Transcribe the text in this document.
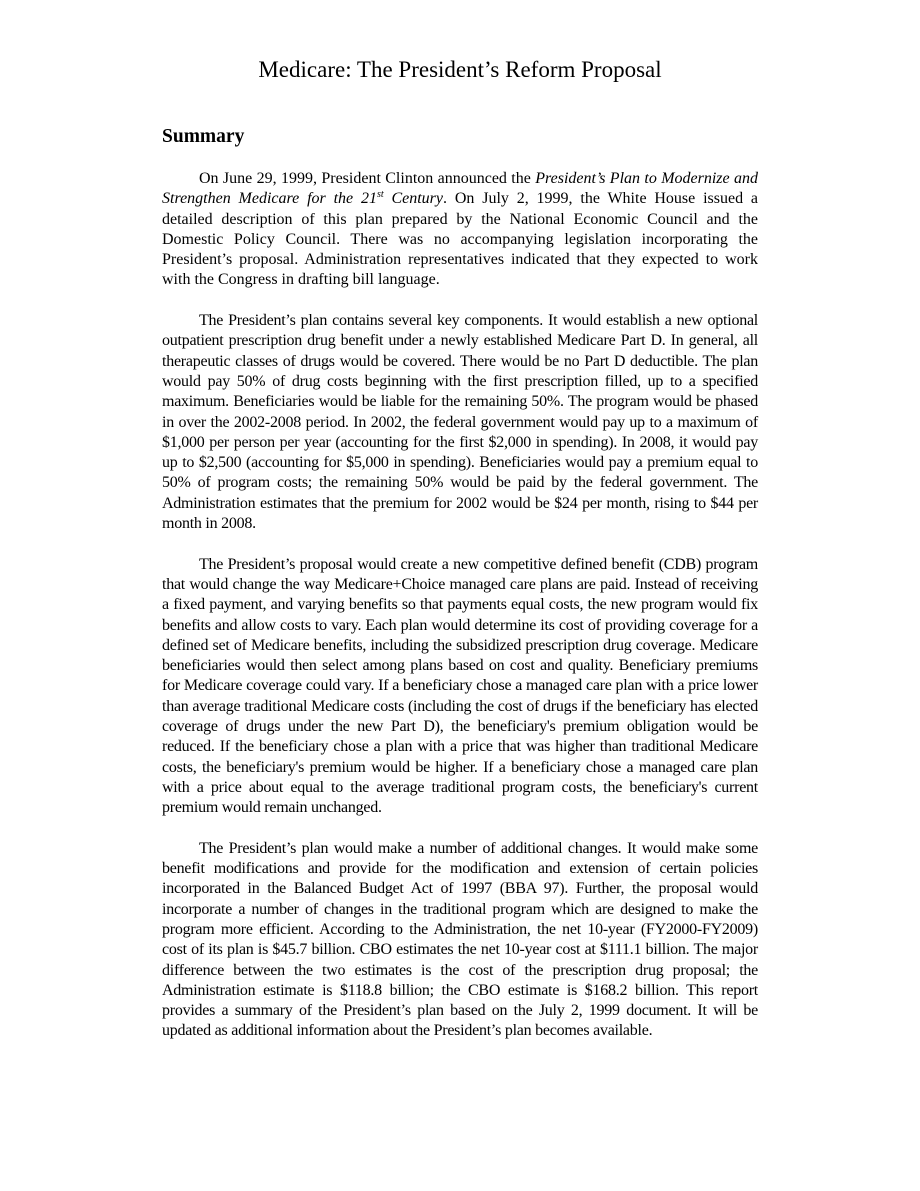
Medicare: The President’s Reform Proposal
Summary

On June 29, 1999, President Clinton announced the President’s Plan to Modernize and Strengthen Medicare for the 21st Century. On July 2, 1999, the White House issued a detailed description of this plan prepared by the National Economic Council and the Domestic Policy Council. There was no accompanying legislation incorporating the President’s proposal. Administration representatives indicated that they expected to work with the Congress in drafting bill language.

The President’s plan contains several key components. It would establish a new optional outpatient prescription drug benefit under a newly established Medicare Part D. In general, all therapeutic classes of drugs would be covered. There would be no Part D deductible. The plan would pay 50% of drug costs beginning with the first prescription filled, up to a specified maximum. Beneficiaries would be liable for the remaining 50%. The program would be phased in over the 2002-2008 period. In 2002, the federal government would pay up to a maximum of $1,000 per person per year (accounting for the first $2,000 in spending). In 2008, it would pay up to $2,500 (accounting for $5,000 in spending). Beneficiaries would pay a premium equal to 50% of program costs; the remaining 50% would be paid by the federal government. The Administration estimates that the premium for 2002 would be $24 per month, rising to $44 per month in 2008.

The President’s proposal would create a new competitive defined benefit (CDB) program that would change the way Medicare+Choice managed care plans are paid. Instead of receiving a fixed payment, and varying benefits so that payments equal costs, the new program would fix benefits and allow costs to vary. Each plan would determine its cost of providing coverage for a defined set of Medicare benefits, including the subsidized prescription drug coverage. Medicare beneficiaries would then select among plans based on cost and quality. Beneficiary premiums for Medicare coverage could vary. If a beneficiary chose a managed care plan with a price lower than average traditional Medicare costs (including the cost of drugs if the beneficiary has elected coverage of drugs under the new Part D), the beneficiary's premium obligation would be reduced. If the beneficiary chose a plan with a price that was higher than traditional Medicare costs, the beneficiary's premium would be higher. If a beneficiary chose a managed care plan with a price about equal to the average traditional program costs, the beneficiary's current premium would remain unchanged.

The President’s plan would make a number of additional changes. It would make some benefit modifications and provide for the modification and extension of certain policies incorporated in the Balanced Budget Act of 1997 (BBA 97). Further, the proposal would incorporate a number of changes in the traditional program which are designed to make the program more efficient. According to the Administration, the net 10-year (FY2000-FY2009) cost of its plan is $45.7 billion. CBO estimates the net 10-year cost at $111.1 billion. The major difference between the two estimates is the cost of the prescription drug proposal; the Administration estimate is $118.8 billion; the CBO estimate is $168.2 billion. This report provides a summary of the President’s plan based on the July 2, 1999 document. It will be updated as additional information about the President’s plan becomes available.
